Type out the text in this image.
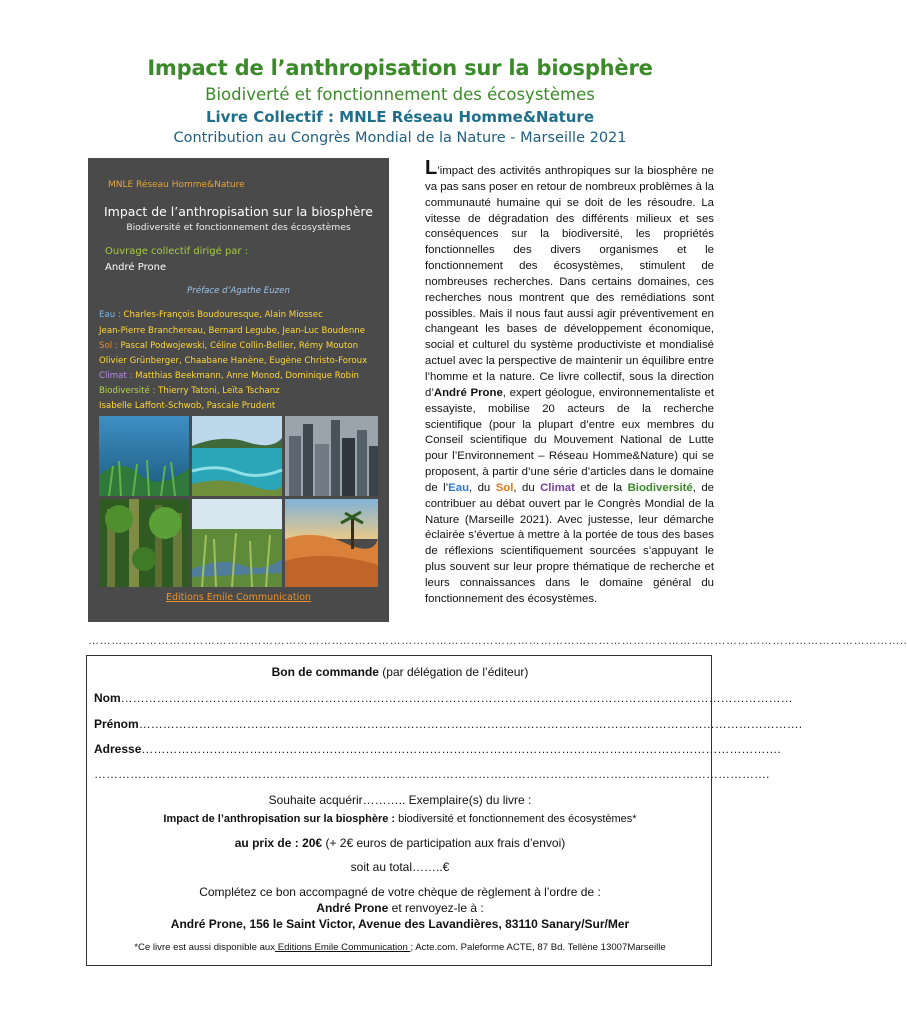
Impact de l’anthropisation sur la biosphère
Biodiverté et fonctionnement des écosystèmes
Livre Collectif : MNLE Réseau Homme&Nature
Contribution au Congrès Mondial de la Nature - Marseille 2021
MNLE Réseau Homme&Nature
Impact de l’anthropisation sur la biosphère
Biodiversité et fonctionnement des écosystèmes
Ouvrage collectif dirigé par :
André Prone
Préface d’Agathe Euzen
Eau : Charles-François Boudouresque, Alain Miossec
Jean-Pierre Branchereau, Bernard Legube, Jean-Luc Boudenne
Sol : Pascal Podwojewski, Céline Collin-Bellier, Rémy Mouton
Olivier Grünberger, Chaabane Hanène, Eugène Christo-Foroux
Climat : Matthias Beekmann, Anne Monod, Dominique Robin
Biodiversité : Thierry Tatoni, Leïta Tschanz
Isabelle Laffont-Schwob, Pascale Prudent
Editions Emile Communication
L’impact des activités anthropiques sur la biosphère ne va pas sans poser en retour de nombreux problèmes à la communauté humaine qui se doit de les résoudre. La vitesse de dégradation des différents milieux et ses conséquences sur la biodiversité, les propriétés fonctionnelles des divers organismes et le fonctionnement des écosystèmes, stimulent de nombreuses recherches. Dans certains domaines, ces recherches nous montrent que des remédiations sont possibles. Mais il nous faut aussi agir préventivement en changeant les bases de développement économique, social et culturel du système productiviste et mondialisé actuel avec la perspective de maintenir un équilibre entre l’homme et la nature. Ce livre collectif, sous la direction d’André Prone, expert géologue, environnementaliste et essayiste, mobilise 20 acteurs de la recherche scientifique (pour la plupart d’entre eux membres du Conseil scientifique du Mouvement National de Lutte pour l’Environnement – Réseau Homme&Nature) qui se proposent, à partir d’une série d’articles dans le domaine de l’Eau, du Sol, du Climat et de la Biodiversité, de contribuer au débat ouvert par le Congrès Mondial de la Nature (Marseille 2021). Avec justesse, leur démarche éclairée s’évertue à mettre à la portée de tous des bases de réflexions scientifiquement sourcées s’appuyant le plus souvent sur leur propre thématique de recherche et leurs connaissances dans le domaine général du fonctionnement des écosystèmes.
…………………………………………………………………………………………………………………………………………………………………………………………..
Bon de commande (par délégation de l’éditeur)
Nom……………………………………………………………………………………………………………………………………………………
Prénom………………………………………………………………………………………………………………………………………………….
Adresse…………………………………………………………………………………………………………………………………………….
…………………………………………………………………………………………………………………………………………………….
Souhaite acquérir……….. Exemplaire(s) du livre :
Impact de l’anthropisation sur la biosphère : biodiversité et fonctionnement des écosystèmes*
au prix de : 20€ (+ 2€ euros de participation aux frais d’envoi)
soit au total……..€
Complétez ce bon accompagné de votre chèque de règlement à l’ordre de :
André Prone et renvoyez-le à :
André Prone, 156 le Saint Victor, Avenue des Lavandières, 83110 Sanary/Sur/Mer
*Ce livre est aussi disponible aux Editions Emile Communication ; Acte.com. Paleforme ACTE, 87 Bd. Tellène 13007Marseille
